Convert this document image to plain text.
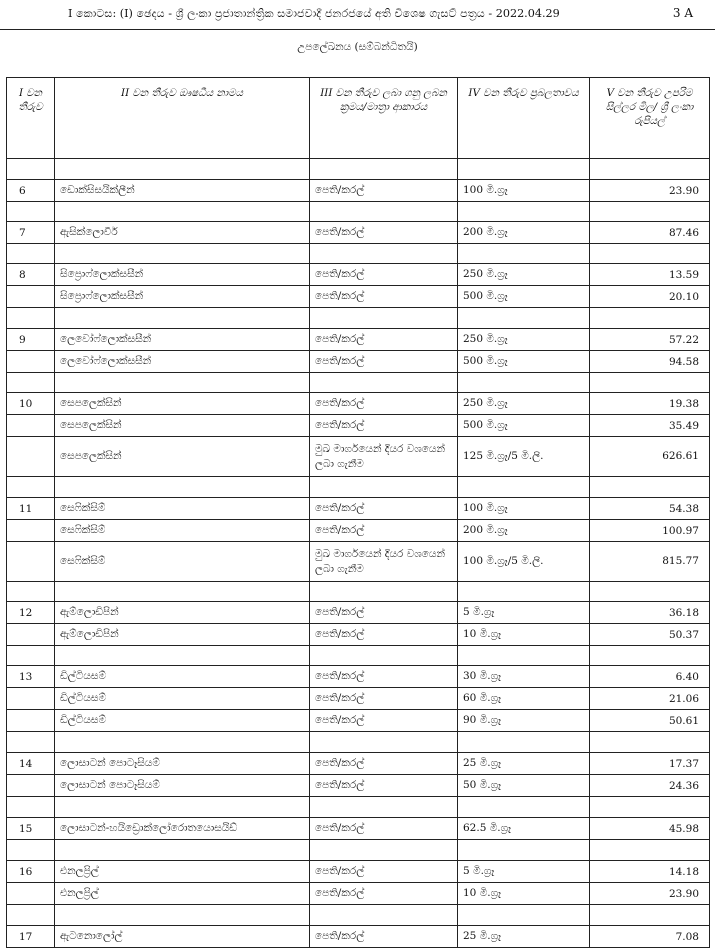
I කොටස: (I) ඡෙදය - ශ්‍රී ලංකා ප්‍රජාතාන්ත්‍රික සමාජවාදී ජනරජයේ අති විශෙෂ ගැසට් පත්‍රය - 2022.04.29	3 A
උපලේඛනය (සම්බන්ධිතයි)
I වන තීරුව	II වන තීරුව ඖෂධීය නාමය	III වන තීරුව ලබා ගනු ලබන ක්‍රමය/මාත්‍රා ආකාරය	IV වන තීරුව ප්‍රබලතාවය	V වන තීරුව උපරිම සිල්ලර මිල/ ශ්‍රී ලංකා රුපියල්

6	ඩොක්සිසයික්ලීන්	පෙති/කරල්	100 මි.ග්‍රෑ	23.90

7	ඇසික්ලොවීර්	පෙති/කරල්	200 මි.ග්‍රෑ	87.46

8	සිප්‍රොෆ්ලොක්සසීන්	පෙති/කරල්	250 මි.ග්‍රෑ	13.59
	සිප්‍රොෆ්ලොක්සසීන්	පෙති/කරල්	500 මි.ග්‍රෑ	20.10

9	ලෙවෝෆ්ලොක්සසීන්	පෙති/කරල්	250 මි.ග්‍රෑ	57.22
	ලෙවෝෆ්ලොක්සසීන්	පෙති/කරල්	500 මි.ග්‍රෑ	94.58

10	සෙපලෙක්සින්	පෙති/කරල්	250 මි.ග්‍රෑ	19.38
	සෙපලෙක්සින්	පෙති/කරල්	500 මි.ග්‍රෑ	35.49
	සෙපලෙක්සින්	මුඛ මාර්ගයෙන් දියර වශයෙන් ලබා ගැනීම	125 මි.ග්‍රෑ/5 මි.ලි.	626.61

11	සෙෆික්සිම්	පෙති/කරල්	100 මි.ග්‍රෑ	54.38
	සෙෆික්සිම්	පෙති/කරල්	200 මි.ග්‍රෑ	100.97
	සෙෆික්සිම්	මුඛ මාර්ගයෙන් දියර වශයෙන් ලබා ගැනීම	100 මි.ග්‍රෑ/5 මි.ලි.	815.77

12	ඇම්ලොඩිපින්	පෙති/කරල්	5 මි.ග්‍රෑ	36.18
	ඇම්ලොඩිපින්	පෙති/කරල්	10 මි.ග්‍රෑ	50.37

13	ඩිල්ටියසම්	පෙති/කරල්	30 මි.ග්‍රෑ	6.40
	ඩිල්ටියසම්	පෙති/කරල්	60 මි.ග්‍රෑ	21.06
	ඩිල්ටියසම්	පෙති/කරල්	90 මි.ග්‍රෑ	50.61

14	ලොසාටන් පොටෑසියම්	පෙති/කරල්	25 මි.ග්‍රෑ	17.37
	ලොසාටන් පොටෑසියම්	පෙති/කරල්	50 මි.ග්‍රෑ	24.36

15	ලොසාටන්-හයිඩ්‍රොක්ලෝරොතයොසයිඩ්	පෙති/කරල්	62.5 මි.ග්‍රෑ	45.98

16	එනලප්‍රිල්	පෙති/කරල්	5 මි.ග්‍රෑ	14.18
	එනලප්‍රිල්	පෙති/කරල්	10 මි.ග්‍රෑ	23.90

17	ඇටනොලෝල්	පෙති/කරල්	25 මි.ග්‍රෑ	7.08
